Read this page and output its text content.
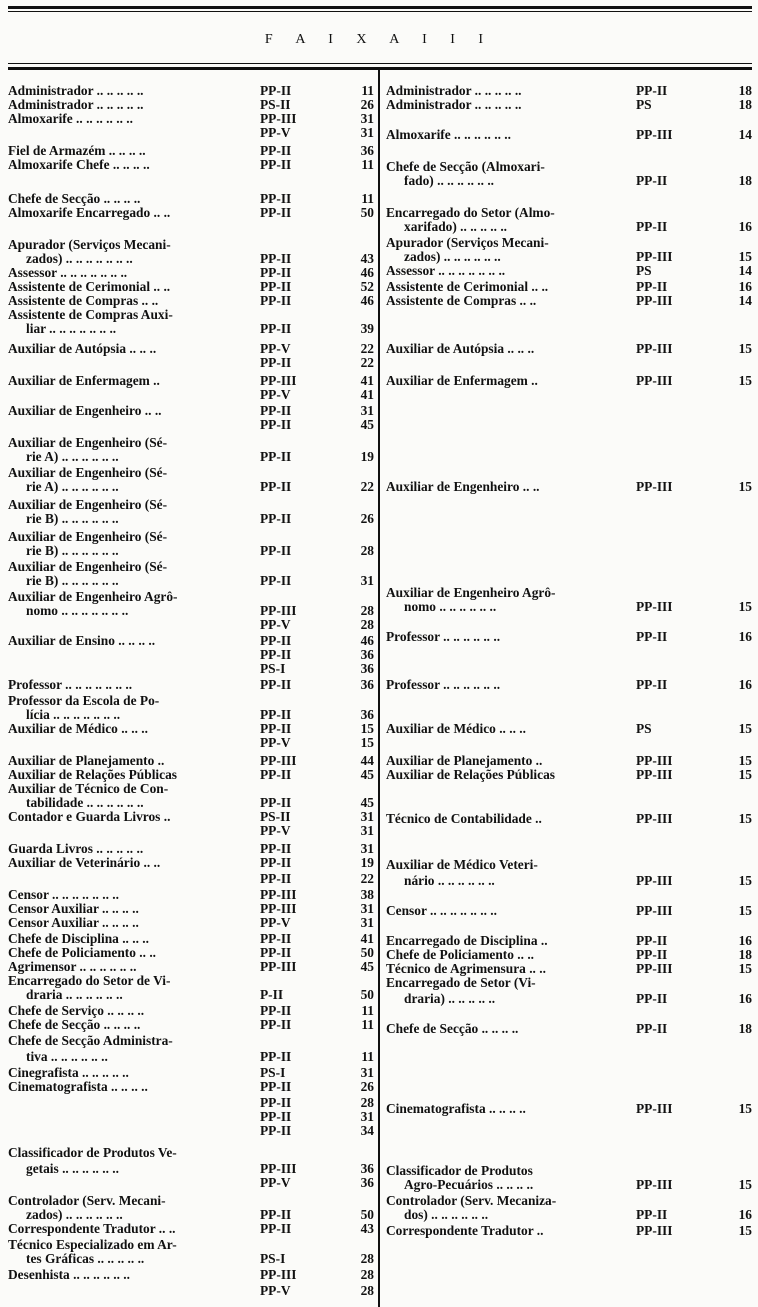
F A I X A I I I
Administrador .. .. .. .. ..	PP-II	11
Administrador .. .. .. .. ..	PS-II	26
Almoxarife .. .. .. .. .. ..	PP-III	31
PP-V	31
Fiel de Armazém .. .. .. ..	PP-II	36
Almoxarife Chefe .. .. .. ..	PP-II	11
Chefe de Secção .. .. .. ..	PP-II	11
Almoxarife Encarregado .. ..	PP-II	50
Apurador (Serviços Mecani-
zados) .. .. .. .. .. .. ..	PP-II	43
Assessor .. .. .. .. .. .. ..	PP-II	46
Assistente de Cerimonial .. ..	PP-II	52
Assistente de Compras .. ..	PP-II	46
Assistente de Compras Auxi-
liar .. .. .. .. .. .. ..	PP-II	39
Auxiliar de Autópsia .. .. ..	PP-V	22
PP-II	22
Auxiliar de Enfermagem ..	PP-III	41
PP-V	41
Auxiliar de Engenheiro .. ..	PP-II	31
PP-II	45
Auxiliar de Engenheiro (Sé-
rie A) .. .. .. .. .. ..	PP-II	19
Auxiliar de Engenheiro (Sé-
rie A) .. .. .. .. .. ..	PP-II	22
Auxiliar de Engenheiro (Sé-
rie B) .. .. .. .. .. ..	PP-II	26
Auxiliar de Engenheiro (Sé-
rie B) .. .. .. .. .. ..	PP-II	28
Auxiliar de Engenheiro (Sé-
rie B) .. .. .. .. .. ..	PP-II	31
Auxiliar de Engenheiro Agrô-
nomo .. .. .. .. .. .. ..	PP-III	28
PP-V	28
Auxiliar de Ensino .. .. .. ..	PP-II	46
PP-II	36
PS-I	36
Professor .. .. .. .. .. .. ..	PP-II	36
Professor da Escola de Po-
lícia .. .. .. .. .. .. ..	PP-II	36
Auxiliar de Médico .. .. ..	PP-II	15
PP-V	15
Auxiliar de Planejamento ..	PP-III	44
Auxiliar de Relações Públicas	PP-II	45
Auxiliar de Técnico de Con-
tabilidade .. .. .. .. .. ..	PP-II	45
Contador e Guarda Livros ..	PS-II	31
PP-V	31
Guarda Livros .. .. .. .. ..	PP-II	31
Auxiliar de Veterinário .. ..	PP-II	19
PP-II	22
Censor .. .. .. .. .. .. ..	PP-III	38
Censor Auxiliar .. .. .. ..	PP-III	31
Censor Auxiliar .. .. .. ..	PP-V	31
Chefe de Disciplina .. .. ..	PP-II	41
Chefe de Policiamento .. ..	PP-II	50
Agrimensor .. .. .. .. .. ..	PP-III	45
Encarregado do Setor de Vi-
draria .. .. .. .. .. ..	P-II	50
Chefe de Serviço .. .. .. ..	PP-II	11
Chefe de Secção .. .. .. ..	PP-II	11
Chefe de Secção Administra-
tiva .. .. .. .. .. ..	PP-II	11
Cinegrafista .. .. .. .. ..	PS-I	31
Cinematografista .. .. .. ..	PP-II	26
PP-II	28
PP-II	31
PP-II	34
Classificador de Produtos Ve-
getais .. .. .. .. .. ..	PP-III	36
PP-V	36
Controlador (Serv. Mecani-
zados) .. .. .. .. .. ..	PP-II	50
Correspondente Tradutor .. ..	PP-II	43
Técnico Especializado em Ar-
tes Gráficas .. .. .. .. ..	PS-I	28
Desenhista .. .. .. .. .. ..	PP-III	28
PP-V	28
Administrador .. .. .. .. ..	PP-II	18
Administrador .. .. .. .. ..	PS	18
Almoxarife .. .. .. .. .. ..	PP-III	14
Chefe de Secção (Almoxari-
fado) .. .. .. .. .. ..	PP-II	18
Encarregado do Setor (Almo-
xarifado) .. .. .. .. ..	PP-II	16
Apurador (Serviços Mecani-
zados) .. .. .. .. .. ..	PP-III	15
Assessor .. .. .. .. .. .. ..	PS	14
Assistente de Cerimonial .. ..	PP-II	16
Assistente de Compras .. ..	PP-III	14
Auxiliar de Autópsia .. .. ..	PP-III	15
Auxiliar de Enfermagem ..	PP-III	15
Auxiliar de Engenheiro .. ..	PP-III	15
Auxiliar de Engenheiro Agrô-
nomo .. .. .. .. .. ..	PP-III	15
Professor .. .. .. .. .. ..	PP-II	16
Professor .. .. .. .. .. ..	PP-II	16
Auxiliar de Médico .. .. ..	PS	15
Auxiliar de Planejamento ..	PP-III	15
Auxiliar de Relações Públicas	PP-III	15
Técnico de Contabilidade ..	PP-III	15
Auxiliar de Médico Veteri-
nário .. .. .. .. .. ..	PP-III	15
Censor .. .. .. .. .. .. ..	PP-III	15
Encarregado de Disciplina ..	PP-II	16
Chefe de Policiamento .. ..	PP-II	18
Técnico de Agrimensura .. ..	PP-III	15
Encarregado de Setor (Vi-
draria) .. .. .. .. ..	PP-II	16
Chefe de Secção .. .. .. ..	PP-II	18
Cinematografista .. .. .. ..	PP-III	15
Classificador de Produtos
Agro-Pecuários .. .. .. ..	PP-III	15
Controlador (Serv. Mecaniza-
dos) .. .. .. .. .. ..	PP-II	16
Correspondente Tradutor ..	PP-III	15
